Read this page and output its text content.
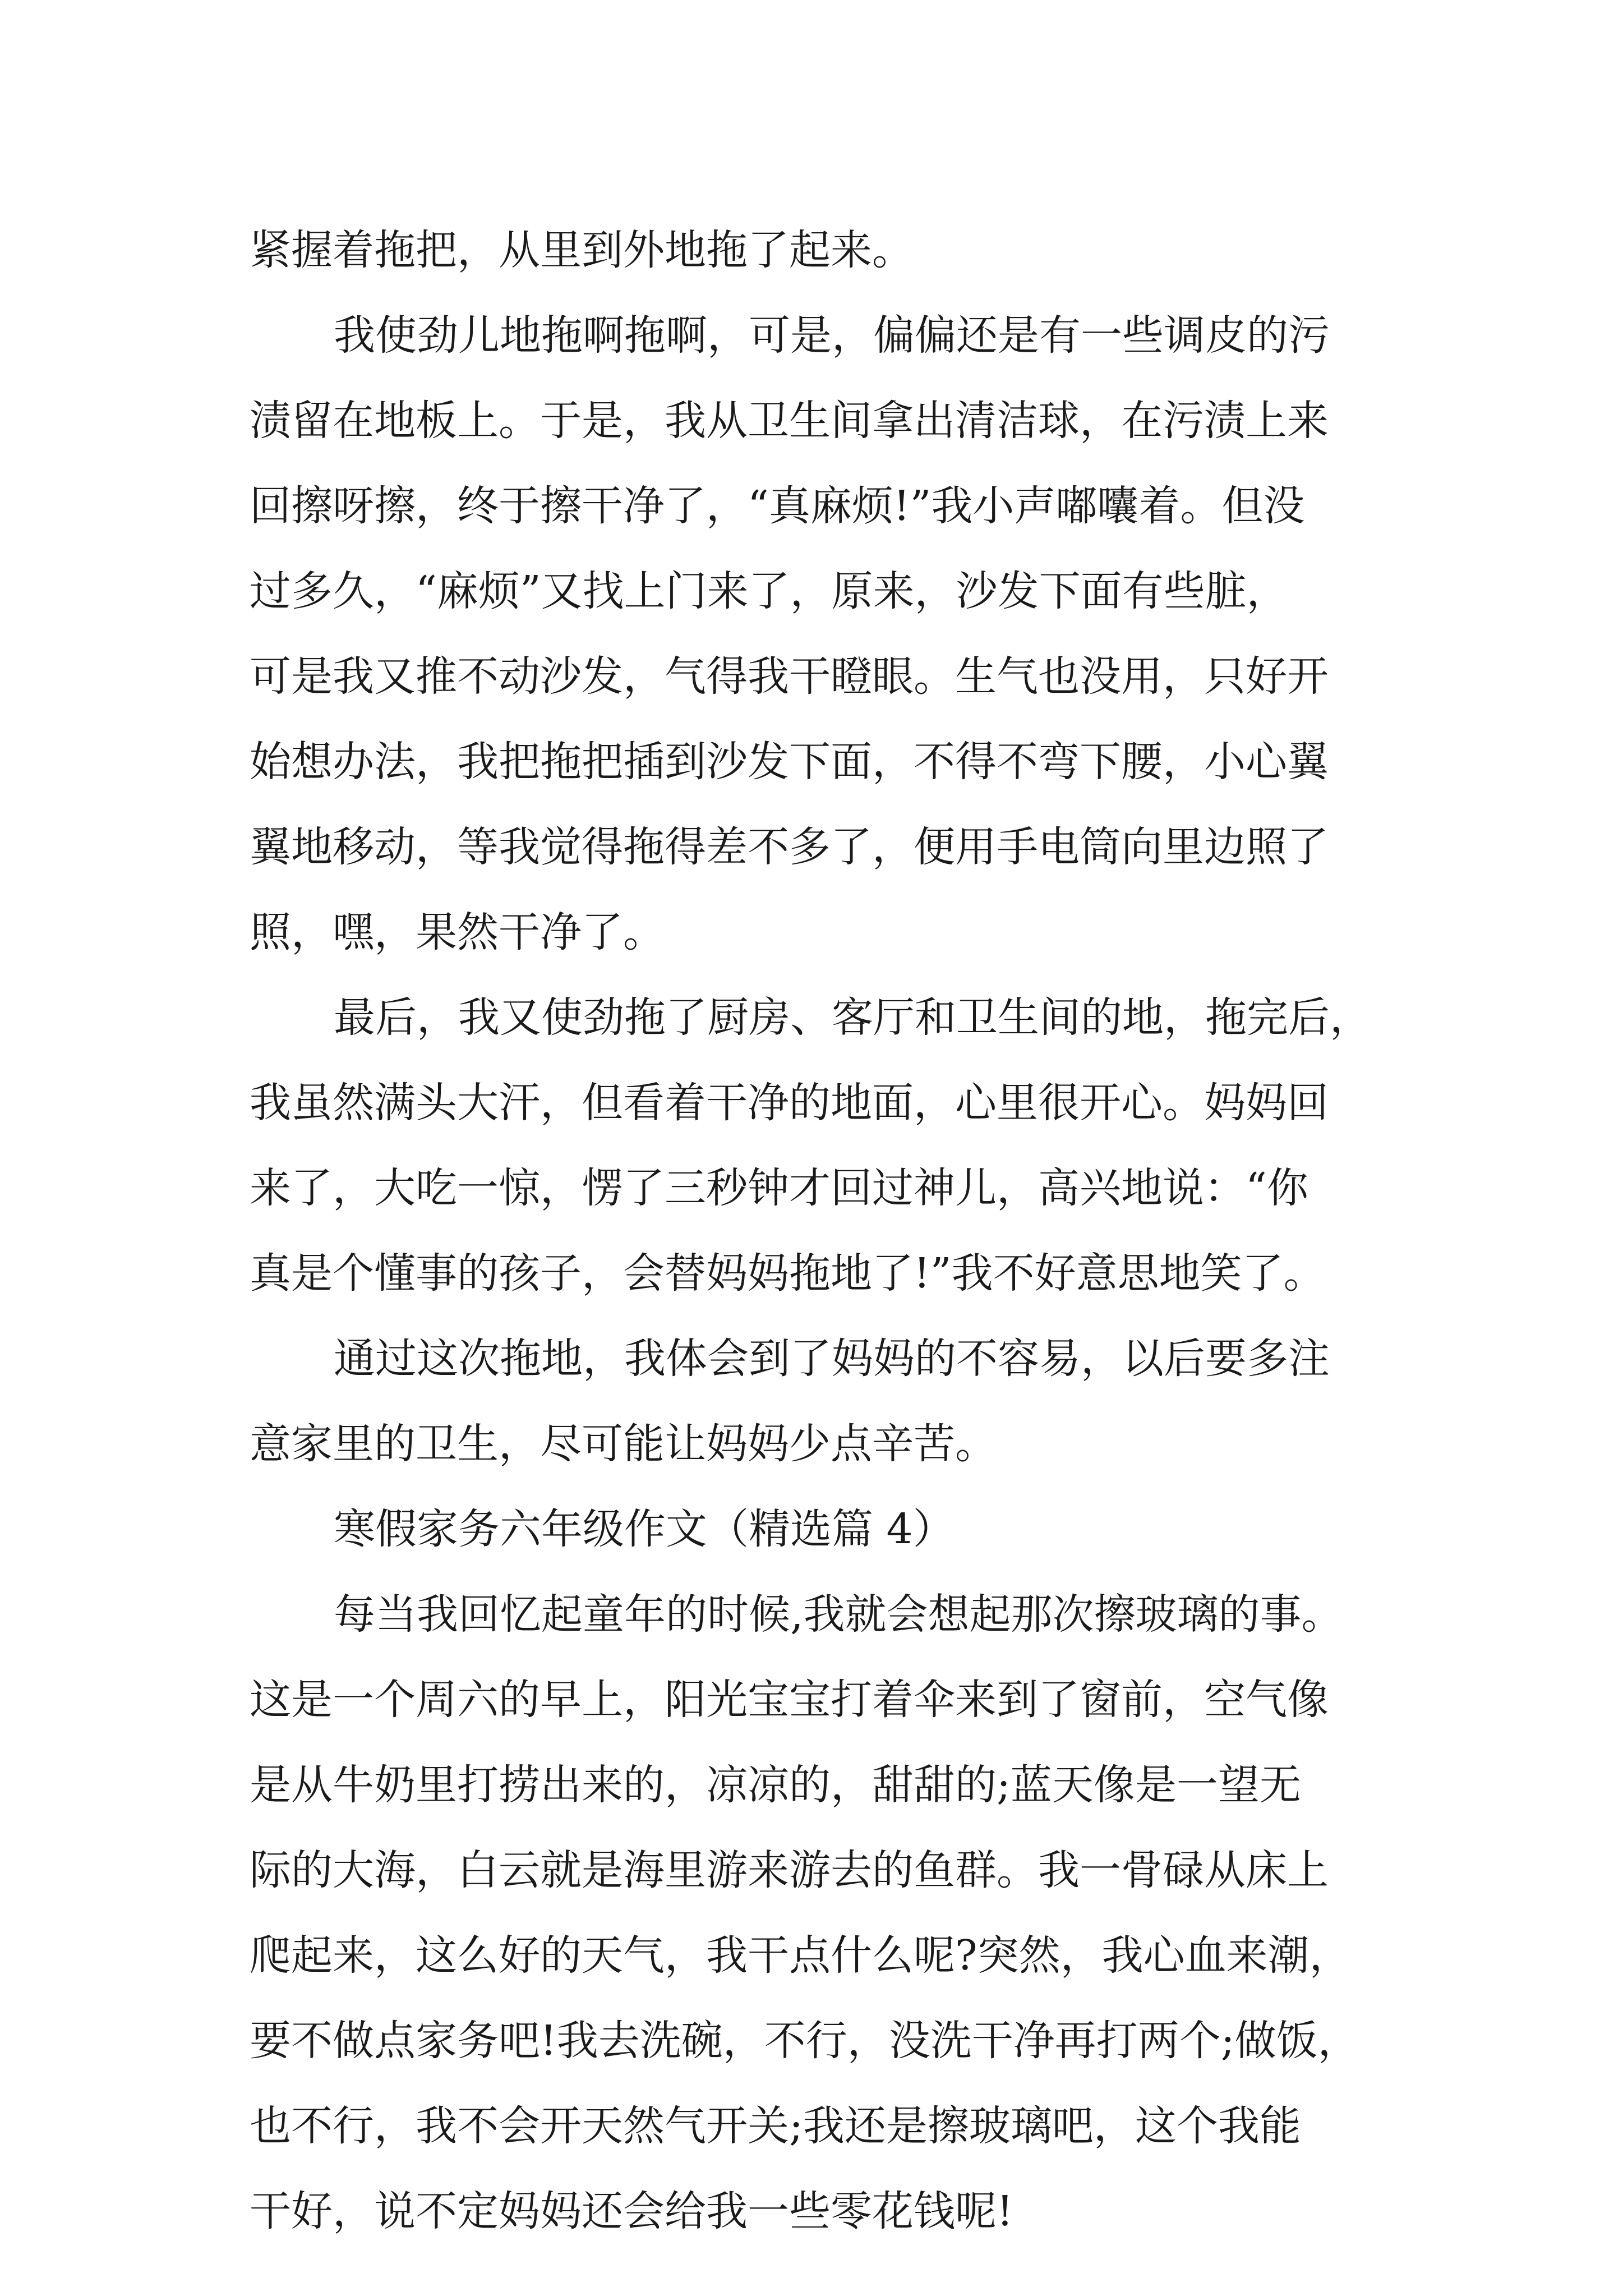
紧握着拖把，从里到外地拖了起来。
我使劲儿地拖啊拖啊，可是，偏偏还是有一些调皮的污
渍留在地板上。于是，我从卫生间拿出清洁球，在污渍上来
回擦呀擦，终于擦干净了，“真麻烦!”我小声嘟囔着。但没
过多久，“麻烦”又找上门来了，原来，沙发下面有些脏，
可是我又推不动沙发，气得我干瞪眼。生气也没用，只好开
始想办法，我把拖把插到沙发下面，不得不弯下腰，小心翼
翼地移动，等我觉得拖得差不多了，便用手电筒向里边照了
照，嘿，果然干净了。
最后，我又使劲拖了厨房、客厅和卫生间的地，拖完后，
我虽然满头大汗，但看着干净的地面，心里很开心。妈妈回
来了，大吃一惊，愣了三秒钟才回过神儿，高兴地说：“你
真是个懂事的孩子，会替妈妈拖地了!”我不好意思地笑了。
通过这次拖地，我体会到了妈妈的不容易，以后要多注
意家里的卫生，尽可能让妈妈少点辛苦。
寒假家务六年级作文（精选篇 4）
每当我回忆起童年的时候,我就会想起那次擦玻璃的事。
这是一个周六的早上，阳光宝宝打着伞来到了窗前，空气像
是从牛奶里打捞出来的，凉凉的，甜甜的;蓝天像是一望无
际的大海，白云就是海里游来游去的鱼群。我一骨碌从床上
爬起来，这么好的天气，我干点什么呢?突然，我心血来潮，
要不做点家务吧!我去洗碗，不行，没洗干净再打两个;做饭，
也不行，我不会开天然气开关;我还是擦玻璃吧，这个我能
干好，说不定妈妈还会给我一些零花钱呢!
